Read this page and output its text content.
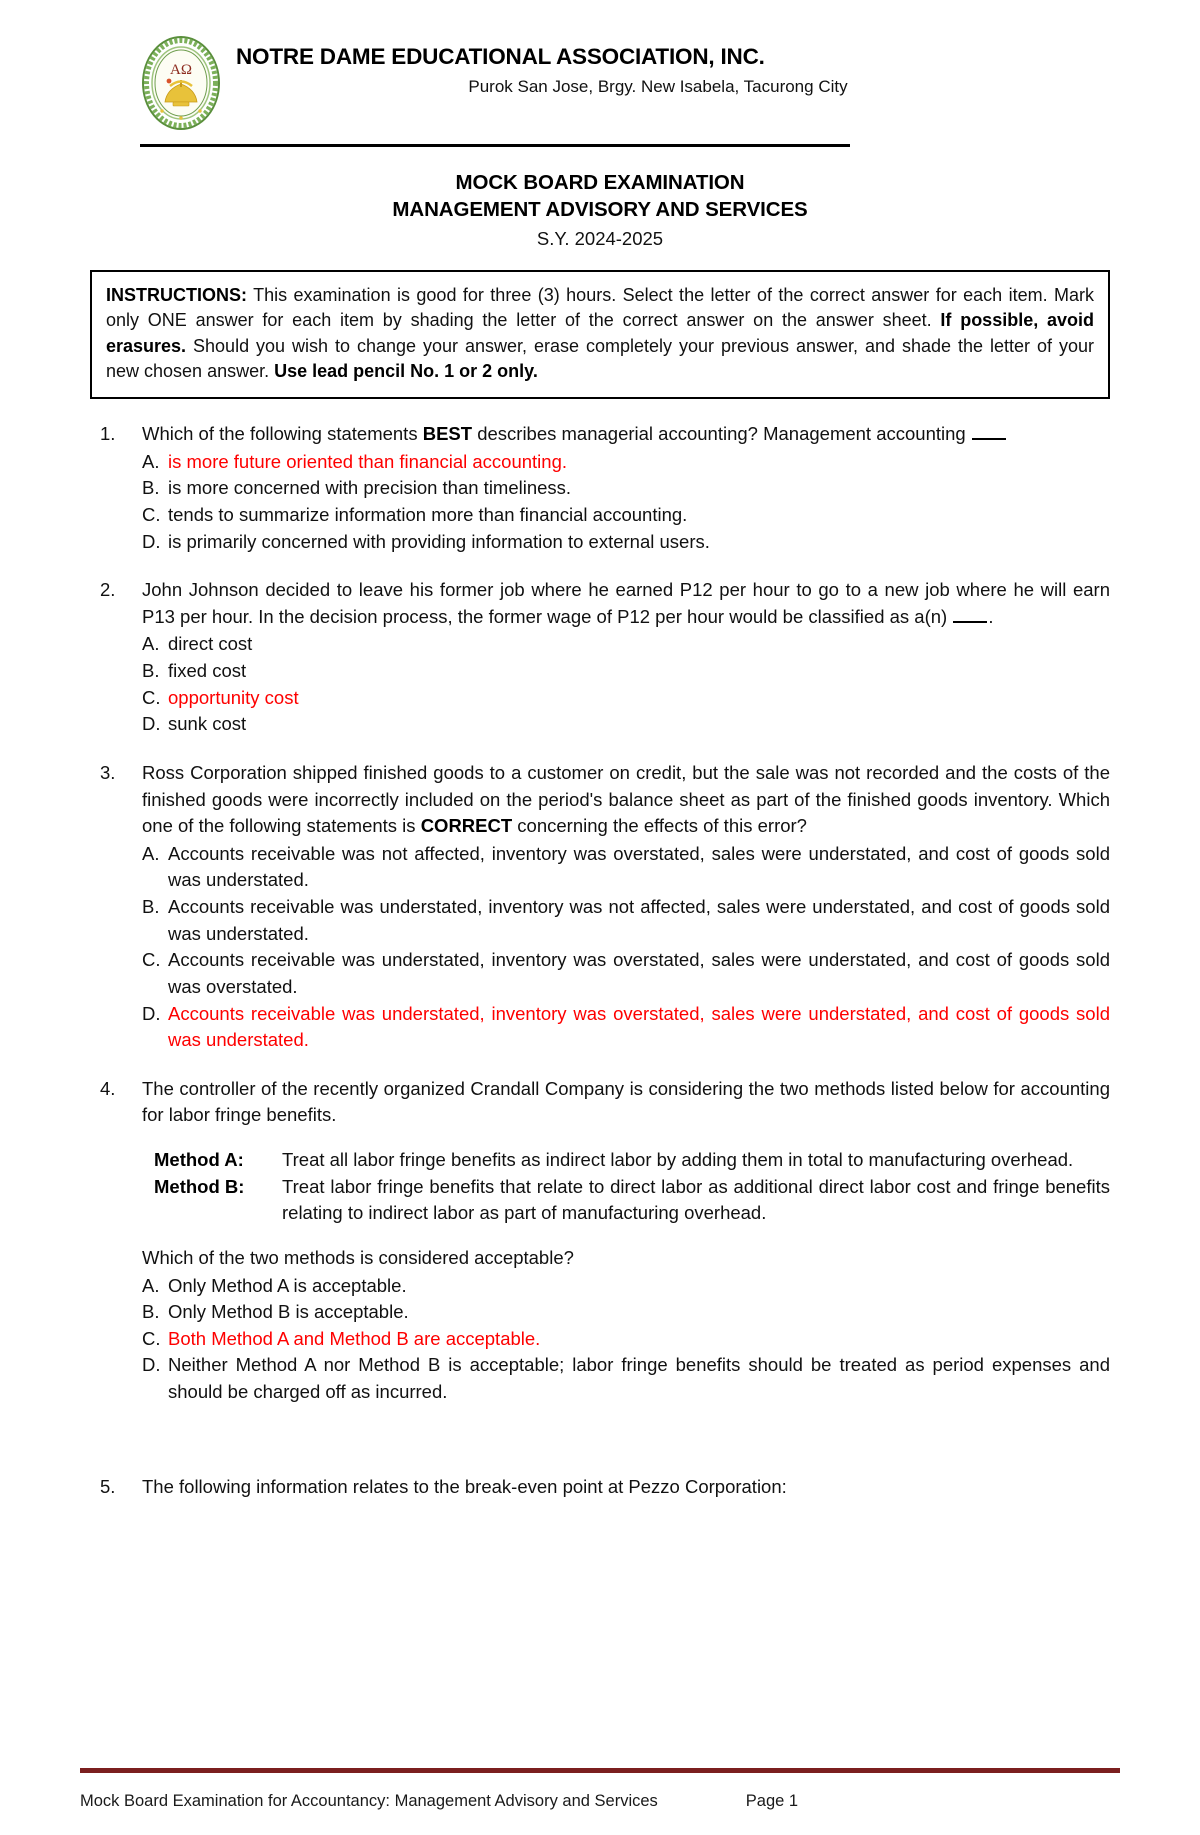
ΑΩ
NOTRE DAME EDUCATIONAL ASSOCIATION, INC.
Purok San Jose, Brgy. New Isabela, Tacurong City
MOCK BOARD EXAMINATION
MANAGEMENT ADVISORY AND SERVICES
S.Y. 2024-2025
INSTRUCTIONS: This examination is good for three (3) hours. Select the letter of the correct answer for each item. Mark only ONE answer for each item by shading the letter of the correct answer on the answer sheet. If possible, avoid erasures. Should you wish to change your answer, erase completely your previous answer, and shade the letter of your new chosen answer. Use lead pencil No. 1 or 2 only.
1.	Which of the following statements BEST describes managerial accounting? Management accounting
A. is more future oriented than financial accounting.
B. is more concerned with precision than timeliness.
C. tends to summarize information more than financial accounting.
D. is primarily concerned with providing information to external users.
2.	John Johnson decided to leave his former job where he earned P12 per hour to go to a new job where he will earn P13 per hour. In the decision process, the former wage of P12 per hour would be classified as a(n) .
A. direct cost
B. fixed cost
C. opportunity cost
D. sunk cost
3.	Ross Corporation shipped finished goods to a customer on credit, but the sale was not recorded and the costs of the finished goods were incorrectly included on the period's balance sheet as part of the finished goods inventory. Which one of the following statements is CORRECT concerning the effects of this error?
A. Accounts receivable was not affected, inventory was overstated, sales were understated, and cost of goods sold was understated.
B. Accounts receivable was understated, inventory was not affected, sales were understated, and cost of goods sold was understated.
C. Accounts receivable was understated, inventory was overstated, sales were understated, and cost of goods sold was overstated.
D. Accounts receivable was understated, inventory was overstated, sales were understated, and cost of goods sold was understated.
4.	The controller of the recently organized Crandall Company is considering the two methods listed below for accounting for labor fringe benefits.
Method A:	Treat all labor fringe benefits as indirect labor by adding them in total to manufacturing overhead.
Method B:	Treat labor fringe benefits that relate to direct labor as additional direct labor cost and fringe benefits relating to indirect labor as part of manufacturing overhead.
Which of the two methods is considered acceptable?
A. Only Method A is acceptable.
B. Only Method B is acceptable.
C. Both Method A and Method B are acceptable.
D. Neither Method A nor Method B is acceptable; labor fringe benefits should be treated as period expenses and should be charged off as incurred.
5.	The following information relates to the break-even point at Pezzo Corporation:
Mock Board Examination for Accountancy: Management Advisory and Services	Page 1
